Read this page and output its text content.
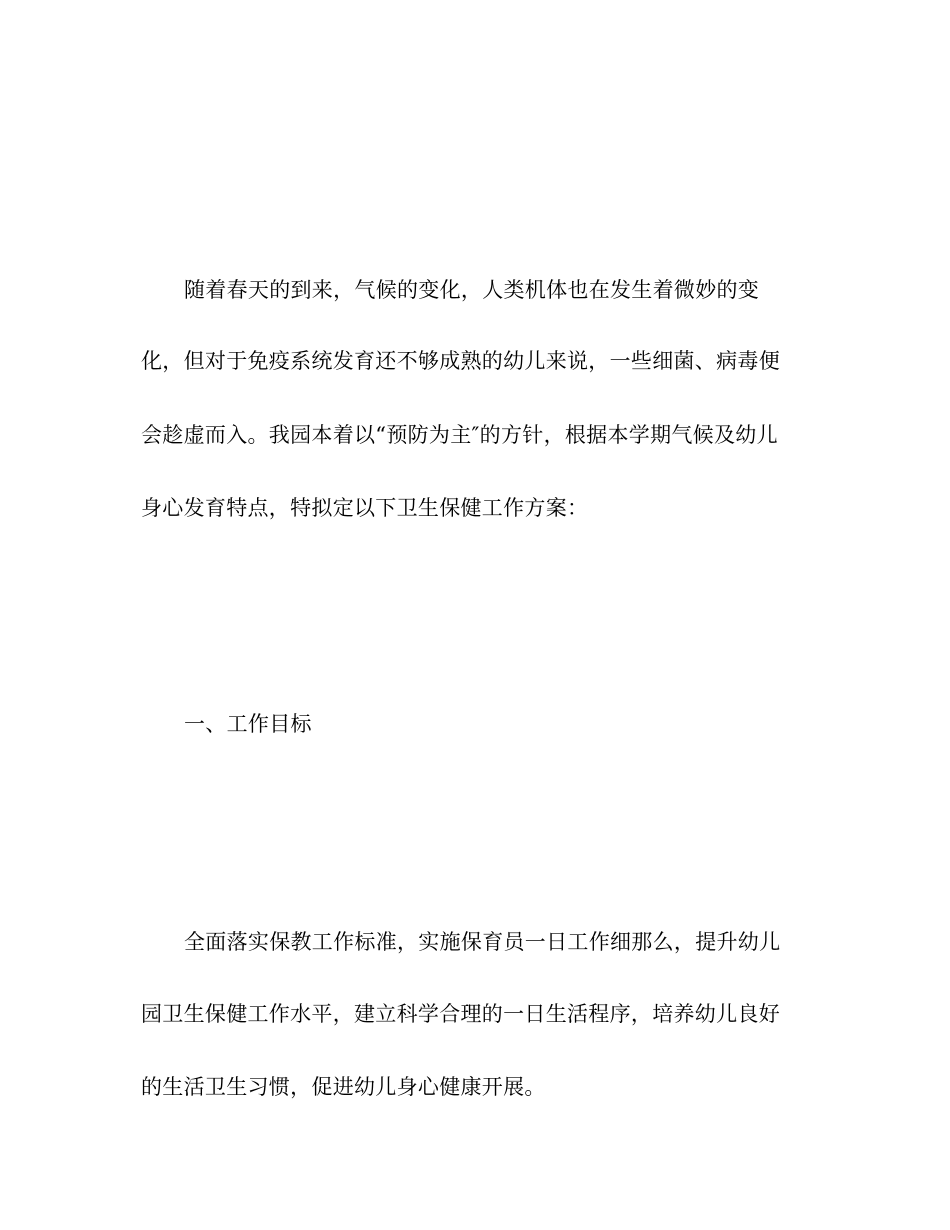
随着春天的到来，气候的变化，人类机体也在发生着微妙的变
化，但对于免疫系统发育还不够成熟的幼儿来说，一些细菌、病毒便
会趁虚而入。我园本着以“预防为主″的方针，根据本学期气候及幼儿
身心发育特点，特拟定以下卫生保健工作方案：
一、工作目标
全面落实保教工作标准，实施保育员一日工作细那么，提升幼儿
园卫生保健工作水平，建立科学合理的一日生活程序，培养幼儿良好
的生活卫生习惯，促进幼儿身心健康开展。
